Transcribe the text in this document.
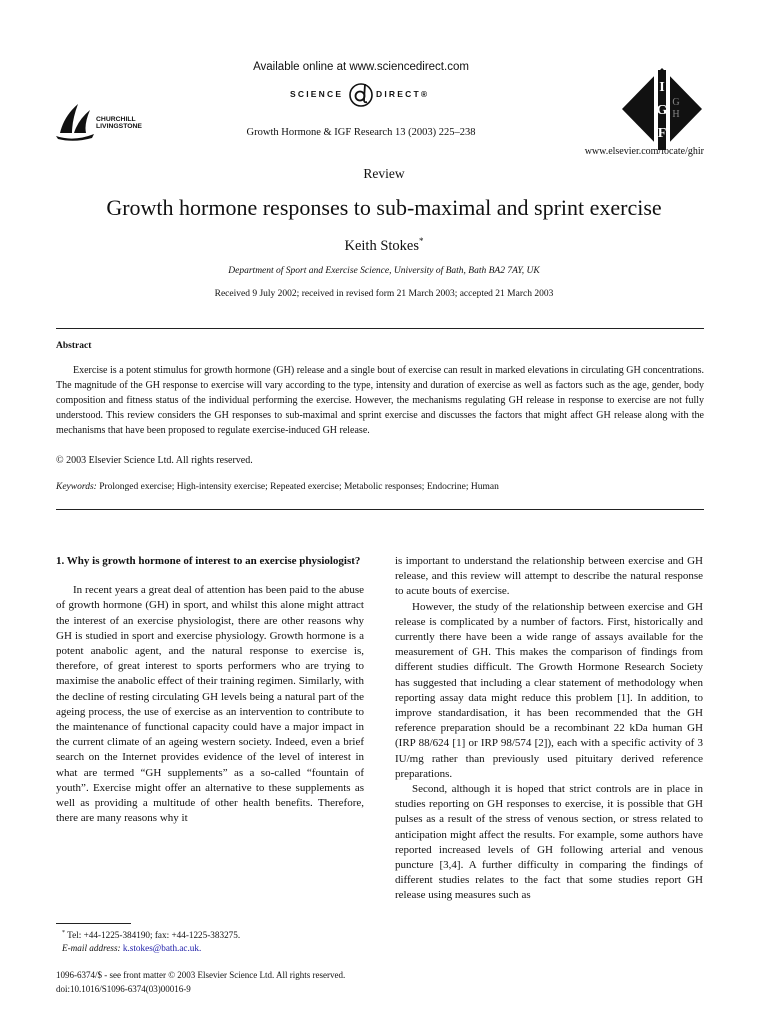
Available online at www.sciencedirect.com
SCIENCE	DIRECT®
Growth Hormone & IGF Research 13 (2003) 225–238
CHURCHILL
LIVINGSTONE
I
G
F
G
H
www.elsevier.com/locate/ghir
Review
Growth hormone responses to sub-maximal and sprint exercise
Keith Stokes*
Department of Sport and Exercise Science, University of Bath, Bath BA2 7AY, UK
Received 9 July 2002; received in revised form 21 March 2003; accepted 21 March 2003
Abstract

Exercise is a potent stimulus for growth hormone (GH) release and a single bout of exercise can result in marked elevations in circulating GH concentrations. The magnitude of the GH response to exercise will vary according to the type, intensity and duration of exercise as well as factors such as the age, gender, body composition and fitness status of the individual performing the exercise. However, the mechanisms regulating GH release in response to exercise are not fully understood. This review considers the GH responses to sub-maximal and sprint exercise and discusses the factors that might affect GH release along with the mechanisms that have been proposed to regulate exercise-induced GH release.

© 2003 Elsevier Science Ltd. All rights reserved.
Keywords: Prolonged exercise; High-intensity exercise; Repeated exercise; Metabolic responses; Endocrine; Human

1. Why is growth hormone of interest to an exercise physiologist?

In recent years a great deal of attention has been paid to the abuse of growth hormone (GH) in sport, and whilst this alone might attract the interest of an exercise physiologist, there are other reasons why GH is studied in sport and exercise physiology. Growth hormone is a potent anabolic agent, and the natural response to exercise is, therefore, of great interest to sports performers who are trying to maximise the anabolic effect of their training regimen. Similarly, with the decline of resting circulating GH levels being a natural part of the ageing process, the use of exercise as an intervention to contribute to the maintenance of functional capacity could have a major impact in the current climate of an ageing western society. Indeed, even a brief search on the Internet provides evidence of the level of interest in what are termed “GH supplements” as a so-called “fountain of youth”. Exercise might offer an alternative to these supplements as well as providing a multitude of other health benefits. Therefore, there are many reasons why it

is important to understand the relationship between exercise and GH release, and this review will attempt to describe the natural response to acute bouts of exercise.

However, the study of the relationship between exercise and GH release is complicated by a number of factors. First, historically and currently there have been a wide range of assays available for the measurement of GH. This makes the comparison of findings from different studies difficult. The Growth Hormone Research Society has suggested that including a clear statement of methodology when reporting assay data might reduce this problem [1]. In addition, to improve standardisation, it has been recommended that the GH reference preparation should be a recombinant 22 kDa human GH (IRP 88/624 [1] or IRP 98/574 [2]), each with a specific activity of 3 IU/mg rather than previously used pituitary derived reference preparations.

Second, although it is hoped that strict controls are in place in studies reporting on GH responses to exercise, it is possible that GH pulses as a result of the stress of venous section, or stress related to anticipation might affect the results. For example, some authors have reported increased levels of GH following arterial and venous puncture [3,4]. A further difficulty in comparing the findings of different studies relates to the fact that some studies report GH release using measures such as

* Tel: +44-1225-384190; fax: +44-1225-383275.
E-mail address: k.stokes@bath.ac.uk.
1096-6374/$ - see front matter © 2003 Elsevier Science Ltd. All rights reserved.
doi:10.1016/S1096-6374(03)00016-9
